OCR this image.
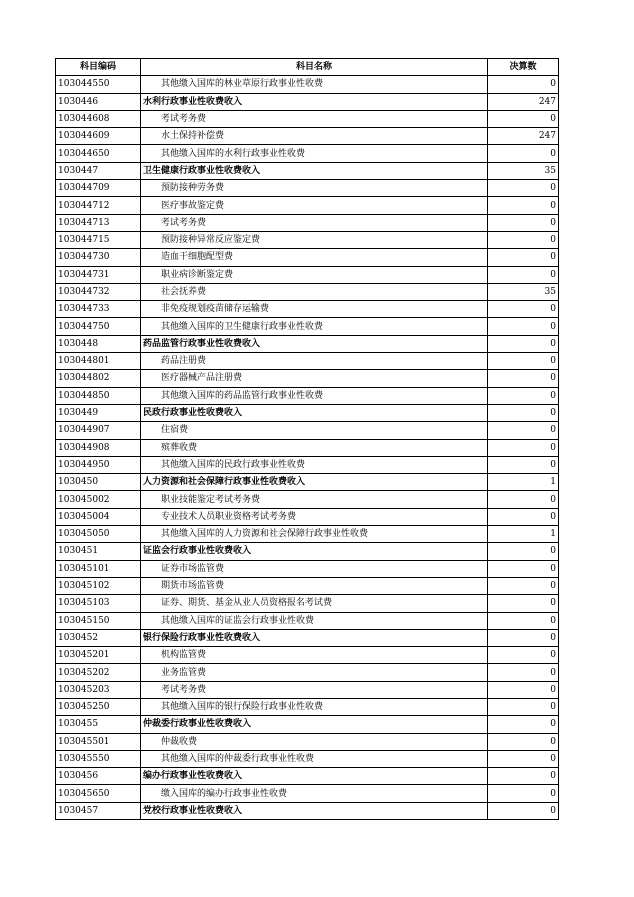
科目编码	科目名称	决算数
103044550	其他缴入国库的林业草原行政事业性收费	0
1030446	水利行政事业性收费收入	247
103044608	考试考务费	0
103044609	水土保持补偿费	247
103044650	其他缴入国库的水利行政事业性收费	0
1030447	卫生健康行政事业性收费收入	35
103044709	预防接种劳务费	0
103044712	医疗事故鉴定费	0
103044713	考试考务费	0
103044715	预防接种异常反应鉴定费	0
103044730	造血干细胞配型费	0
103044731	职业病诊断鉴定费	0
103044732	社会抚养费	35
103044733	非免疫规划疫苗储存运输费	0
103044750	其他缴入国库的卫生健康行政事业性收费	0
1030448	药品监管行政事业性收费收入	0
103044801	药品注册费	0
103044802	医疗器械产品注册费	0
103044850	其他缴入国库的药品监管行政事业性收费	0
1030449	民政行政事业性收费收入	0
103044907	住宿费	0
103044908	殡葬收费	0
103044950	其他缴入国库的民政行政事业性收费	0
1030450	人力资源和社会保障行政事业性收费收入	1
103045002	职业技能鉴定考试考务费	0
103045004	专业技术人员职业资格考试考务费	0
103045050	其他缴入国库的人力资源和社会保障行政事业性收费	1
1030451	证监会行政事业性收费收入	0
103045101	证券市场监管费	0
103045102	期货市场监管费	0
103045103	证券、期货、基金从业人员资格报名考试费	0
103045150	其他缴入国库的证监会行政事业性收费	0
1030452	银行保险行政事业性收费收入	0
103045201	机构监管费	0
103045202	业务监管费	0
103045203	考试考务费	0
103045250	其他缴入国库的银行保险行政事业性收费	0
1030455	仲裁委行政事业性收费收入	0
103045501	仲裁收费	0
103045550	其他缴入国库的仲裁委行政事业性收费	0
1030456	编办行政事业性收费收入	0
103045650	缴入国库的编办行政事业性收费	0
1030457	党校行政事业性收费收入	0
